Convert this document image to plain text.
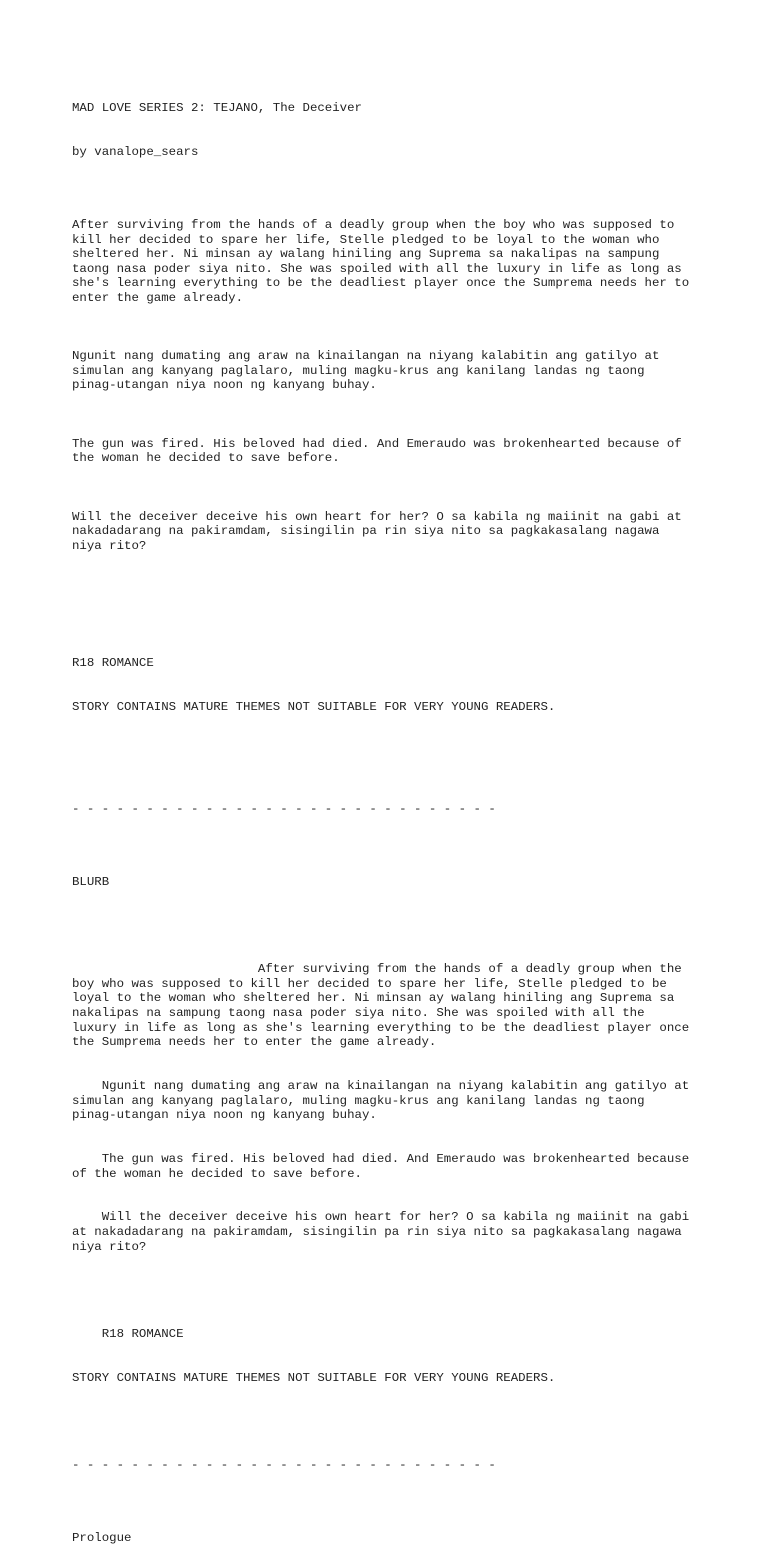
MAD LOVE SERIES 2: TEJANO, The Deceiver

by vanalope_sears

After surviving from the hands of a deadly group when the boy who was supposed to
kill her decided to spare her life, Stelle pledged to be loyal to the woman who
sheltered her. Ni minsan ay walang hiniling ang Suprema sa nakalipas na sampung
taong nasa poder siya nito. She was spoiled with all the luxury in life as long as
she's learning everything to be the deadliest player once the Sumprema needs her to
enter the game already.

Ngunit nang dumating ang araw na kinailangan na niyang kalabitin ang gatilyo at
simulan ang kanyang paglalaro, muling magku-krus ang kanilang landas ng taong
pinag-utangan niya noon ng kanyang buhay.

The gun was fired. His beloved had died. And Emeraudo was brokenhearted because of
the woman he decided to save before.

Will the deceiver deceive his own heart for her? O sa kabila ng maiinit na gabi at
nakadadarang na pakiramdam, sisingilin pa rin siya nito sa pagkakasalang nagawa
niya rito?

R18 ROMANCE

STORY CONTAINS MATURE THEMES NOT SUITABLE FOR VERY YOUNG READERS.

- - - - - - - - - - - - - - - - - - - - - - - - - - - - -

BLURB

After surviving from the hands of a deadly group when the
boy who was supposed to kill her decided to spare her life, Stelle pledged to be
loyal to the woman who sheltered her. Ni minsan ay walang hiniling ang Suprema sa
nakalipas na sampung taong nasa poder siya nito. She was spoiled with all the
luxury in life as long as she's learning everything to be the deadliest player once
the Sumprema needs her to enter the game already.

Ngunit nang dumating ang araw na kinailangan na niyang kalabitin ang gatilyo at
simulan ang kanyang paglalaro, muling magku-krus ang kanilang landas ng taong
pinag-utangan niya noon ng kanyang buhay.

The gun was fired. His beloved had died. And Emeraudo was brokenhearted because
of the woman he decided to save before.

Will the deceiver deceive his own heart for her? O sa kabila ng maiinit na gabi
at nakadadarang na pakiramdam, sisingilin pa rin siya nito sa pagkakasalang nagawa
niya rito?

R18 ROMANCE

STORY CONTAINS MATURE THEMES NOT SUITABLE FOR VERY YOUNG READERS.

- - - - - - - - - - - - - - - - - - - - - - - - - - - - -

Prologue
